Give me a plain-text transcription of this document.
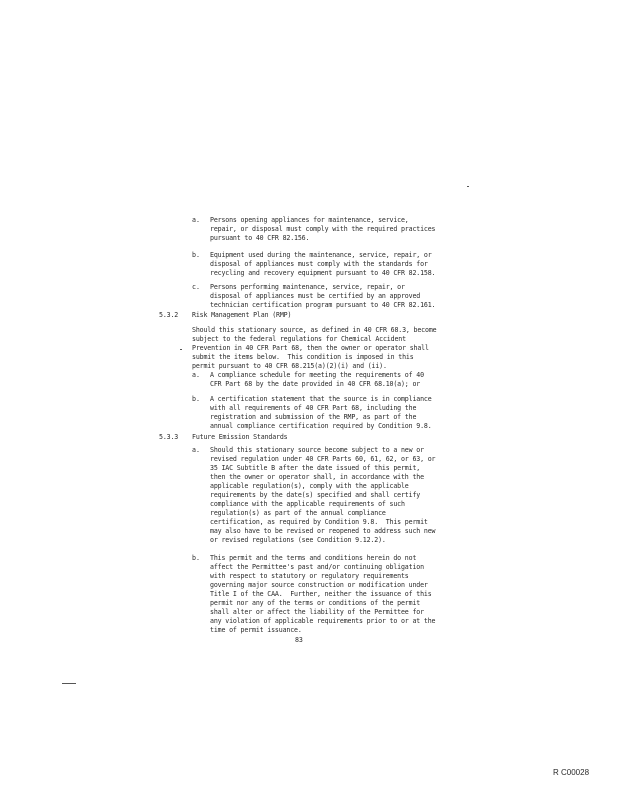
a. Persons opening appliances for maintenance, service,
repair, or disposal must comply with the required practices
pursuant to 40 CFR 82.156.
b. Equipment used during the maintenance, service, repair, or
disposal of appliances must comply with the standards for
recycling and recovery equipment pursuant to 40 CFR 82.158.
c. Persons performing maintenance, service, repair, or
disposal of appliances must be certified by an approved
technician certification program pursuant to 40 CFR 82.161.
5.3.2 Risk Management Plan (RMP)
Should this stationary source, as defined in 40 CFR 68.3, become
subject to the federal regulations for Chemical Accident
Prevention in 40 CFR Part 68, then the owner or operator shall
submit the items below.  This condition is imposed in this
permit pursuant to 40 CFR 68.215(a)(2)(i) and (ii).
a. A compliance schedule for meeting the requirements of 40
CFR Part 68 by the date provided in 40 CFR 68.10(a); or
b. A certification statement that the source is in compliance
with all requirements of 40 CFR Part 68, including the
registration and submission of the RMP, as part of the
annual compliance certification required by Condition 9.8.
5.3.3 Future Emission Standards
a. Should this stationary source become subject to a new or
revised regulation under 40 CFR Parts 60, 61, 62, or 63, or
35 IAC Subtitle B after the date issued of this permit,
then the owner or operator shall, in accordance with the
applicable regulation(s), comply with the applicable
requirements by the date(s) specified and shall certify
compliance with the applicable requirements of such
regulation(s) as part of the annual compliance
certification, as required by Condition 9.8.  This permit
may also have to be revised or reopened to address such new
or revised regulations (see Condition 9.12.2).
b. This permit and the terms and conditions herein do not
affect the Permittee's past and/or continuing obligation
with respect to statutory or regulatory requirements
governing major source construction or modification under
Title I of the CAA.  Further, neither the issuance of this
permit nor any of the terms or conditions of the permit
shall alter or affect the liability of the Permittee for
any violation of applicable requirements prior to or at the
time of permit issuance.
83
R C00028
